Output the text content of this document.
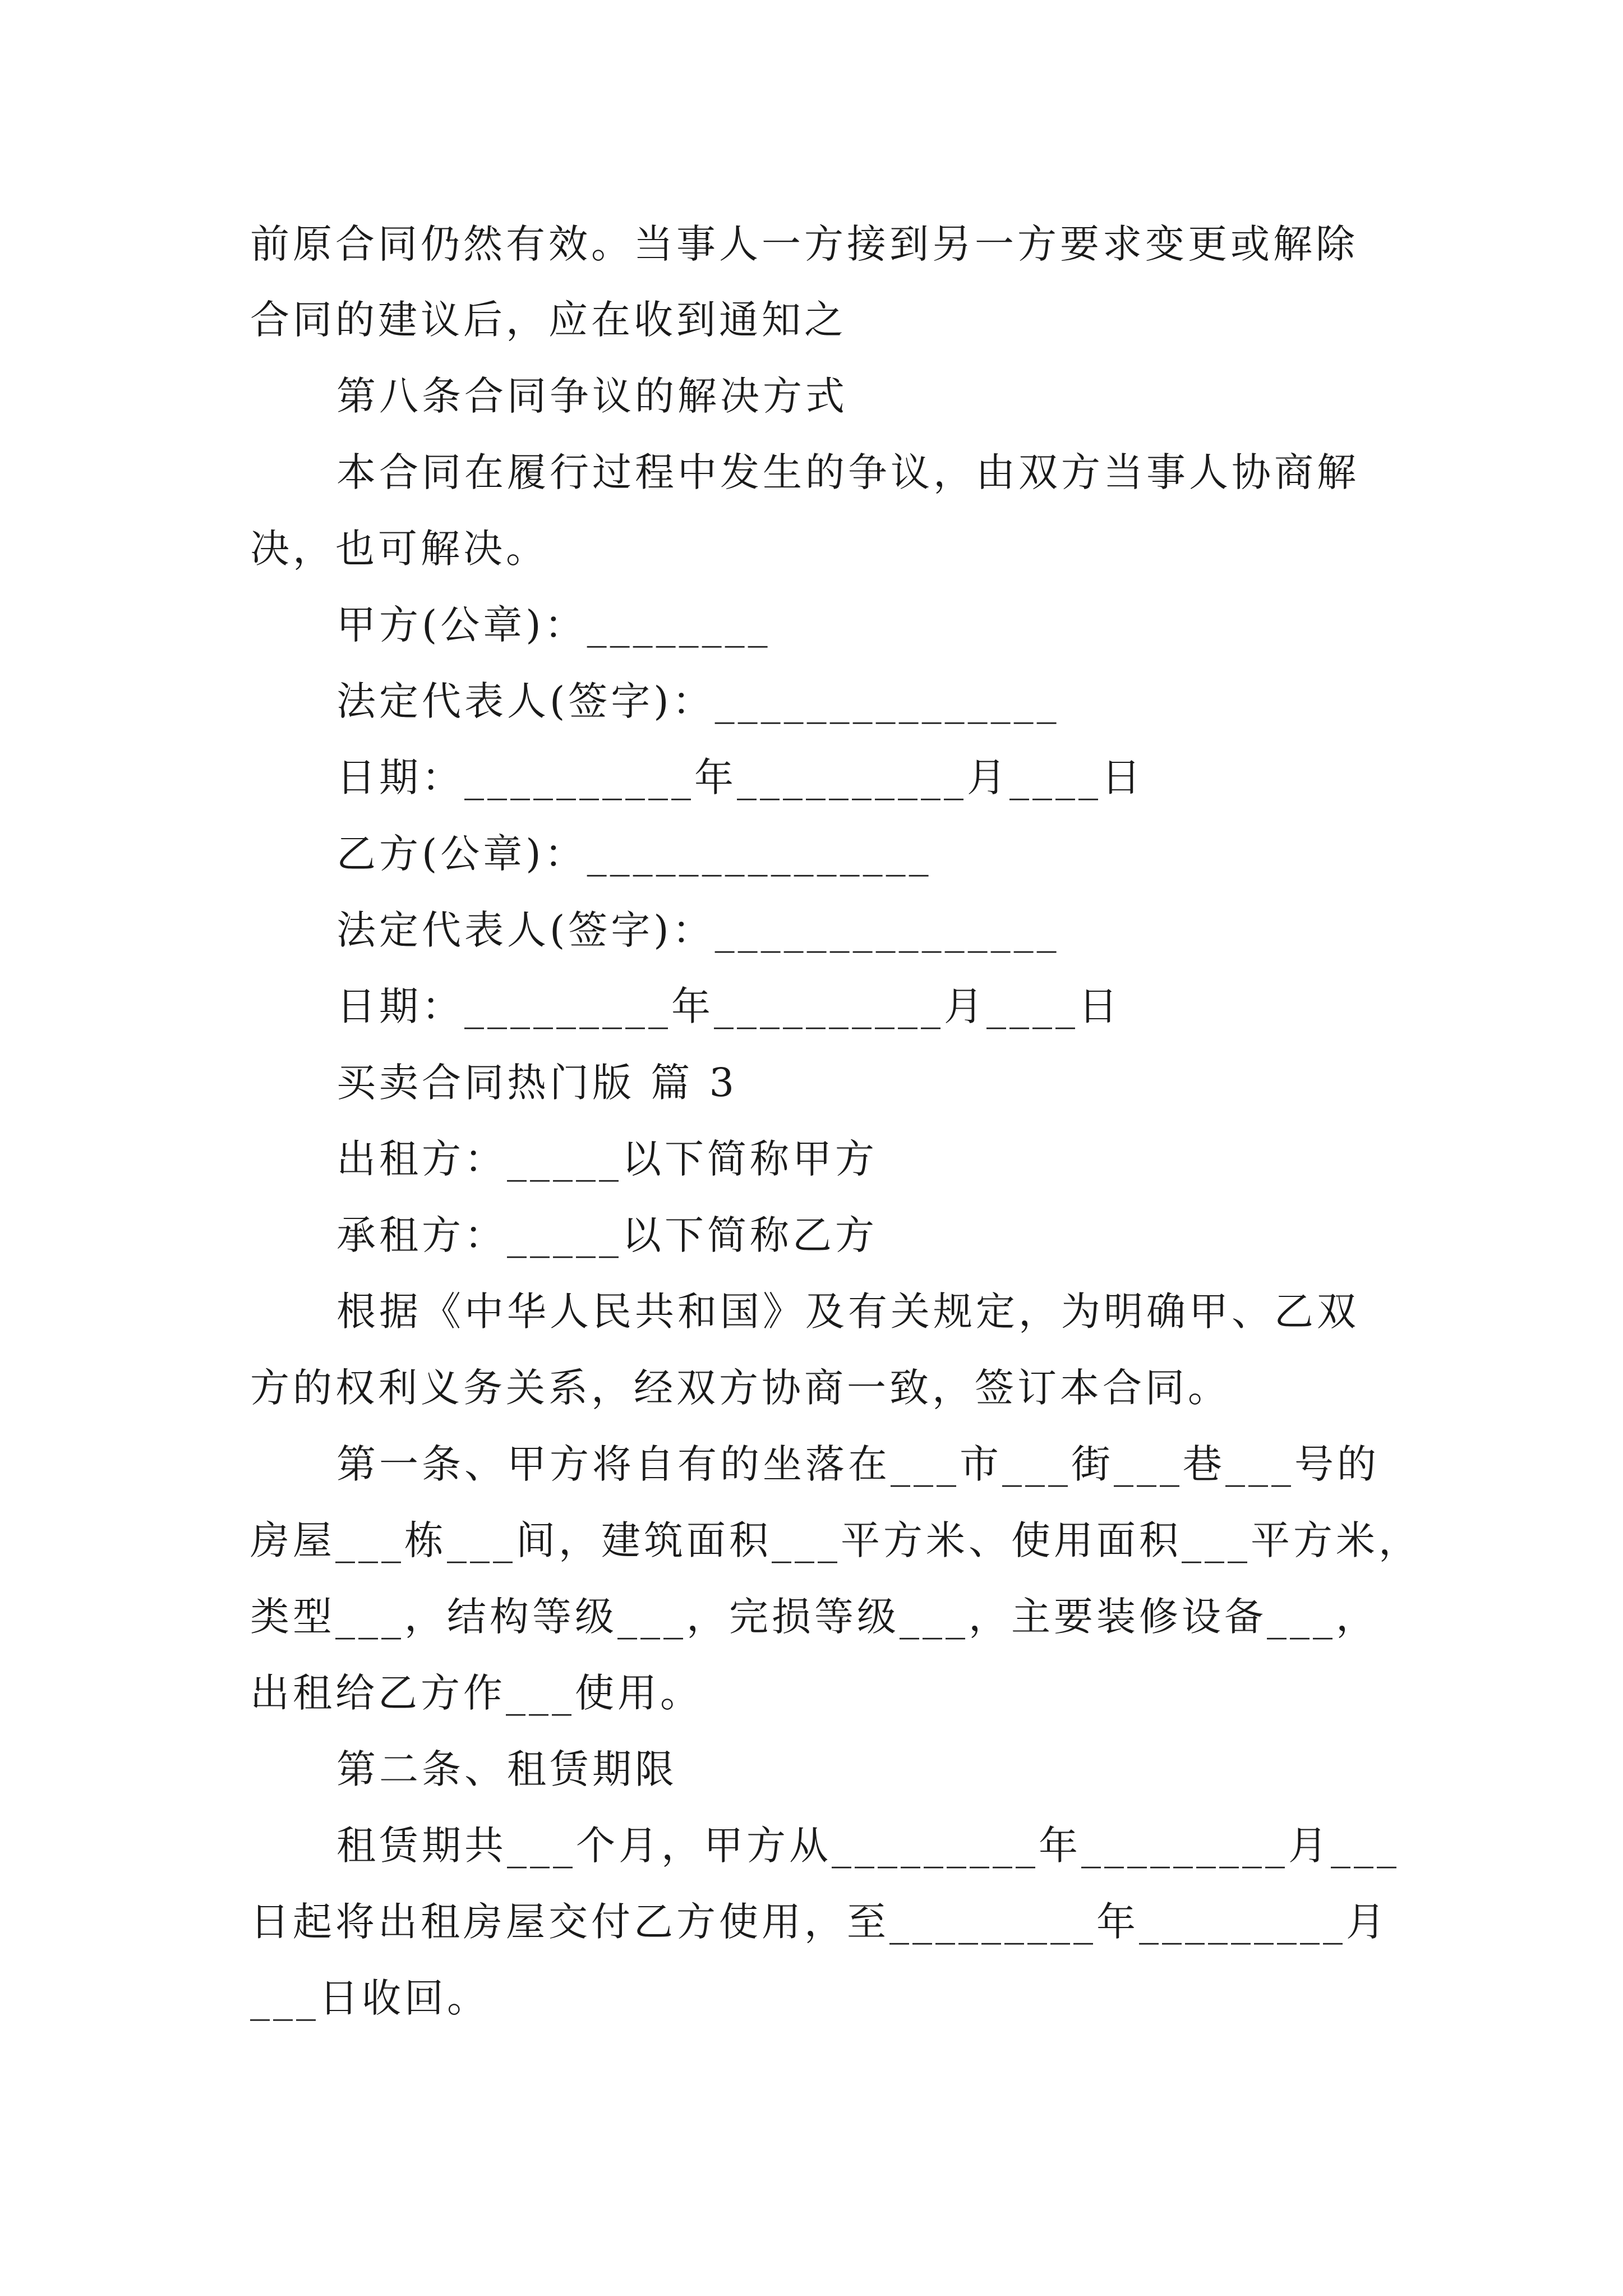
前原合同仍然有效。当事人一方接到另一方要求变更或解除
合同的建议后，应在收到通知之
第八条合同争议的解决方式
本合同在履行过程中发生的争议，由双方当事人协商解
决，也可解决。
甲方(公章)：________
法定代表人(签字)：_______________
日期：__________年__________月____日
乙方(公章)：_______________
法定代表人(签字)：_______________
日期：_________年__________月____日
买卖合同热门版 篇 3
出租方：_____以下简称甲方
承租方：_____以下简称乙方
根据《中华人民共和国》及有关规定，为明确甲、乙双
方的权利义务关系，经双方协商一致，签订本合同。
第一条、甲方将自有的坐落在___市___街___巷___号的
房屋___栋___间，建筑面积___平方米、使用面积___平方米，
类型___，结构等级___，完损等级___，主要装修设备___，
出租给乙方作___使用。
第二条、租赁期限
租赁期共___个月，甲方从_________年_________月___
日起将出租房屋交付乙方使用，至_________年_________月
___日收回。
